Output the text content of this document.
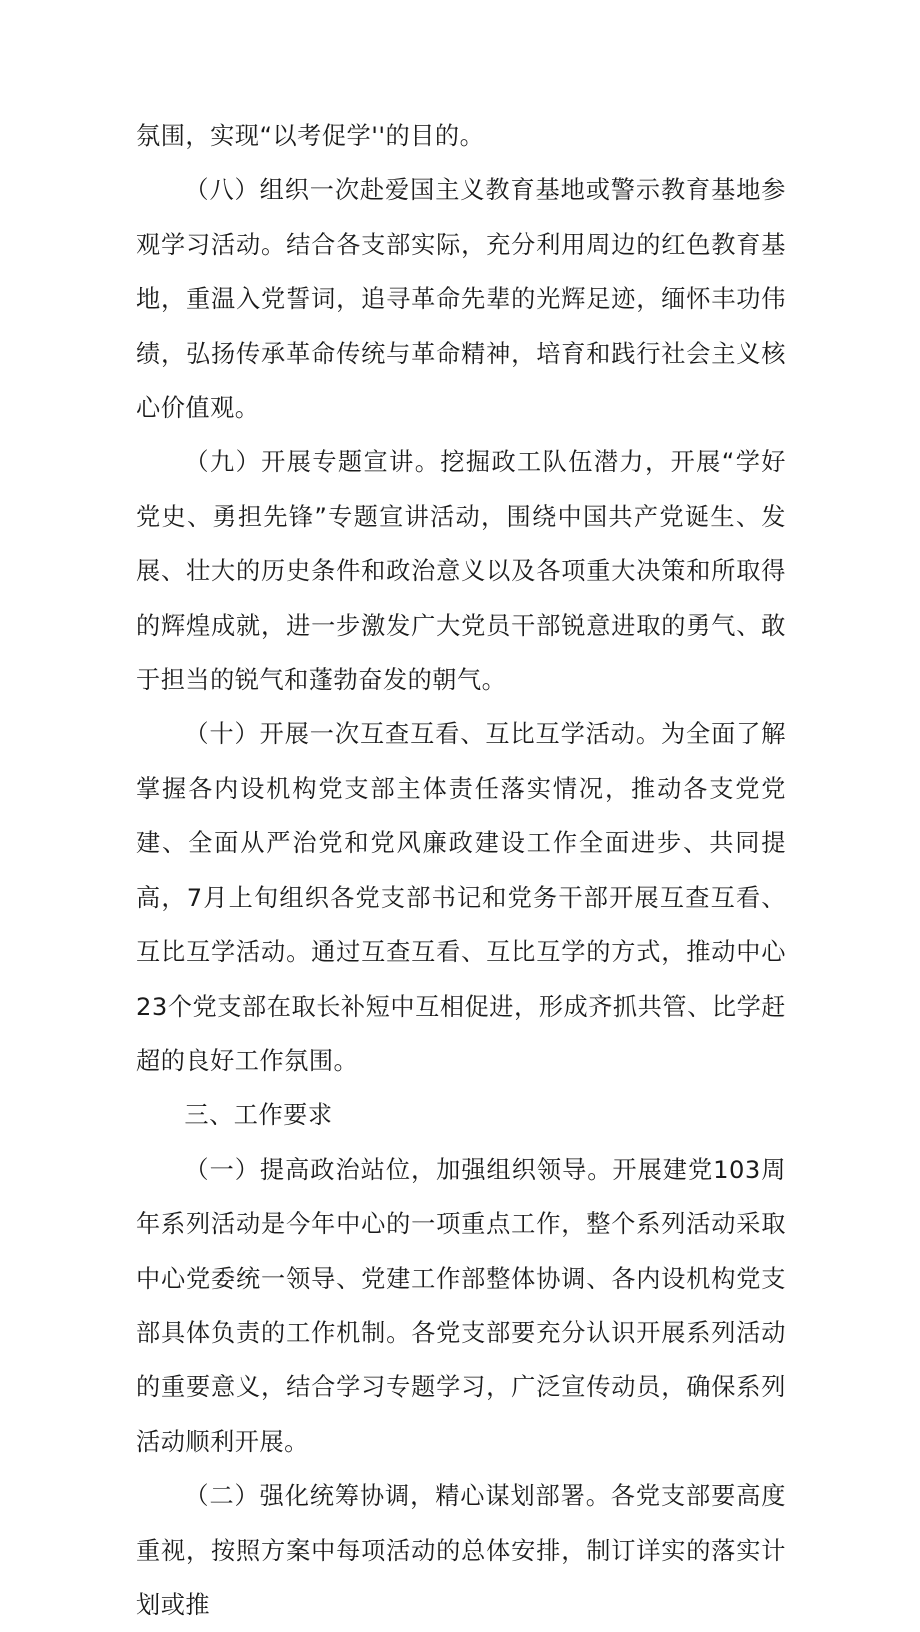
氛围，实现“以考促学''的目的。

（八）组织一次赴爱国主义教育基地或警示教育基地参观学习活动。结合各支部实际，充分利用周边的红色教育基地，重温入党誓词，追寻革命先辈的光辉足迹，缅怀丰功伟绩，弘扬传承革命传统与革命精神，培育和践行社会主义核心价值观。

（九）开展专题宣讲。挖掘政工队伍潜力，开展“学好党史、勇担先锋”专题宣讲活动，围绕中国共产党诞生、发展、壮大的历史条件和政治意义以及各项重大决策和所取得的辉煌成就，进一步激发广大党员干部锐意进取的勇气、敢于担当的锐气和蓬勃奋发的朝气。

（十）开展一次互查互看、互比互学活动。为全面了解掌握各内设机构党支部主体责任落实情况，推动各支党党建、全面从严治党和党风廉政建设工作全面进步、共同提高，7月上旬组织各党支部书记和党务干部开展互查互看、互比互学活动。通过互查互看、互比互学的方式，推动中心23个党支部在取长补短中互相促进，形成齐抓共管、比学赶超的良好工作氛围。

三、工作要求

（一）提高政治站位，加强组织领导。开展建党103周年系列活动是今年中心的一项重点工作，整个系列活动采取中心党委统一领导、党建工作部整体协调、各内设机构党支部具体负责的工作机制。各党支部要充分认识开展系列活动的重要意义，结合学习专题学习，广泛宣传动员，确保系列活动顺利开展。

（二）强化统筹协调，精心谋划部署。各党支部要高度重视，按照方案中每项活动的总体安排，制订详实的落实计划或推
